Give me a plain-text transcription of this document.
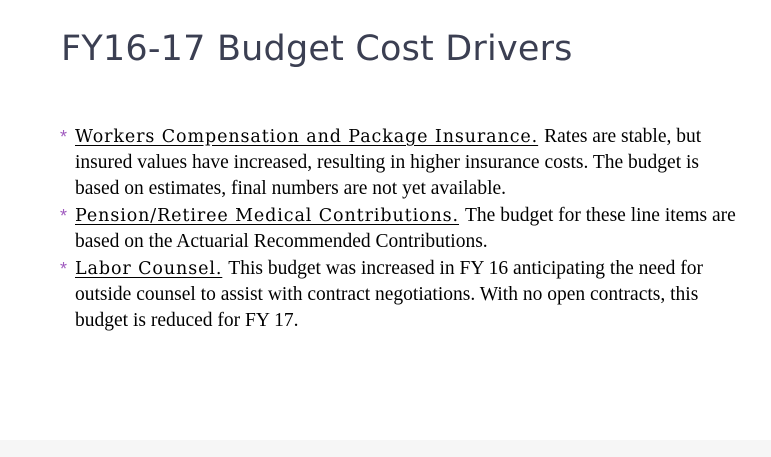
FY16-17 Budget Cost Drivers
* Workers Compensation and Package Insurance. Rates are stable, but insured values have increased, resulting in higher insurance costs. The budget is based on estimates, final numbers are not yet available.
* Pension/Retiree Medical Contributions. The budget for these line items are based on the Actuarial Recommended Contributions.
* Labor Counsel. This budget was increased in FY 16 anticipating the need for outside counsel to assist with contract negotiations. With no open contracts, this budget is reduced for FY 17.
